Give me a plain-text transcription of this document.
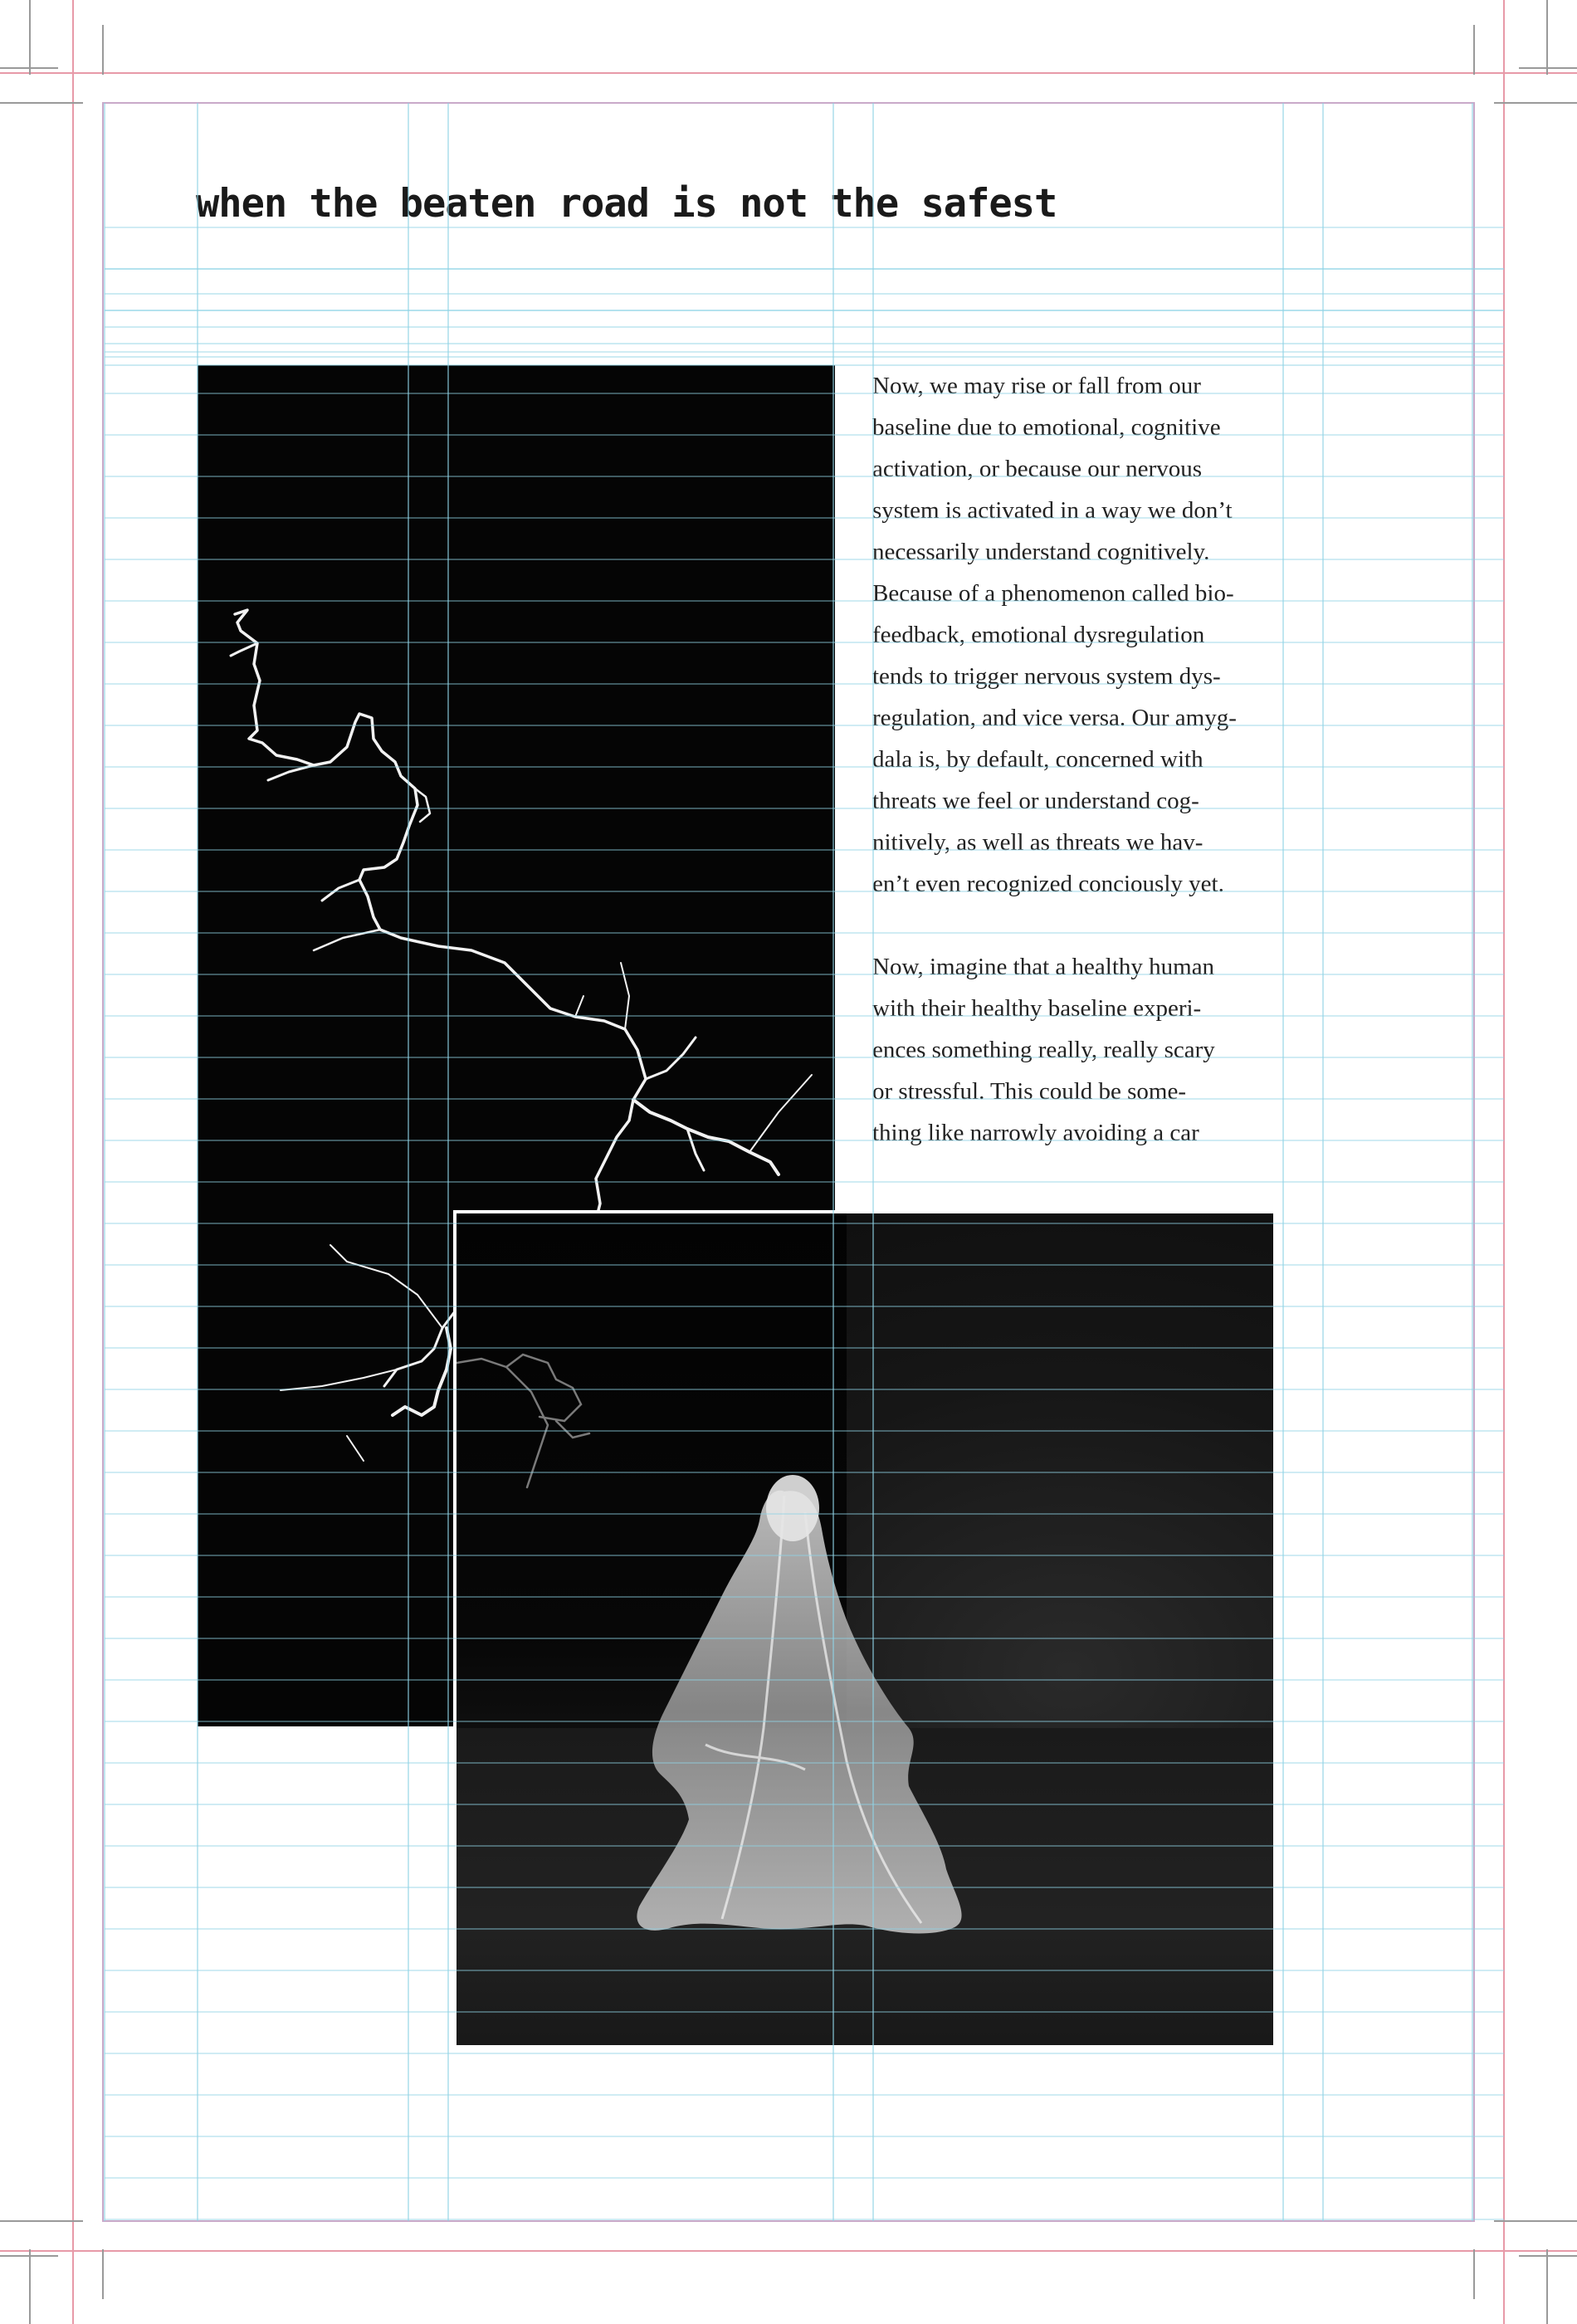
when the beaten road is not the safest
Now, we may rise or fall from our
baseline due to emotional, cognitive
activation, or because our nervous
system is activated in a way we don’t
necessarily understand cognitively.
Because of a phenomenon called bio-
feedback, emotional dysregulation
tends to trigger nervous system dys-
regulation, and vice versa. Our amyg-
dala is, by default, concerned with
threats we feel or understand cog-
nitively, as well as threats we hav-
en’t even recognized conciously yet.
Now, imagine that a healthy human
with their healthy baseline experi-
ences something really, really scary
or stressful. This could be some-
thing like narrowly avoiding a car
